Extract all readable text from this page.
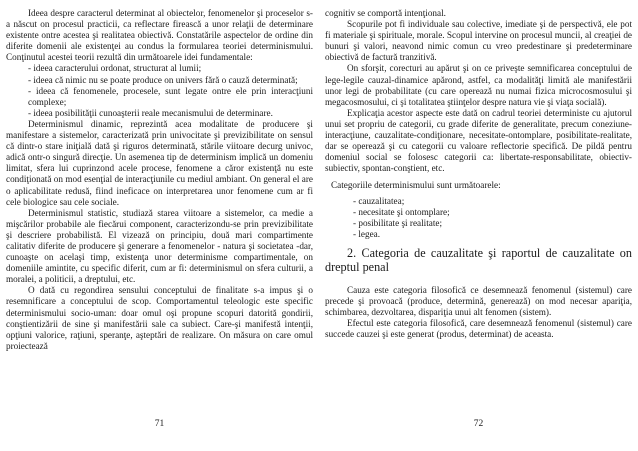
Ideea despre caracterul determinat al obiectelor, fenomenelor şi proceselor s-a născut on procesul practicii, ca reflectare firească a unor relaţii de determinare existente ontre acestea şi realitatea obiectivă. Constatările aspectelor de ordine din diferite domenii ale existenţei au condus la formularea teoriei determinismului. Conţinutul acestei teorii rezultă din următoarele idei fundamentale:

- ideea caracterului ordonat, structurat al lumii;

- ideea că nimic nu se poate produce on univers fără o cauză determinată;

- ideea că fenomenele, procesele, sunt legate ontre ele prin interacţiuni complexe;

- ideea posibilităţii cunoaşterii reale mecanismului de determinare.

Determinismul dinamic, reprezintă acea modalitate de producere şi manifestare a sistemelor, caracterizată prin univocitate şi previzibilitate on sensul că dintr-o stare iniţială dată şi riguros determinată, stările viitoare decurg univoc, adică ontr-o singură direcţie. Un asemenea tip de determinism implică un domeniu limitat, sfera lui cuprinzond acele procese, fenomene a căror existenţă nu este condiţionată on mod esenţial de interacţiunile cu mediul ambiant. On general el are o aplicabilitate redusă, fiind ineficace on interpretarea unor fenomene cum ar fi cele biologice sau cele sociale.

Determinismul statistic, studiază starea viitoare a sistemelor, ca medie a mişcărilor probabile ale fiecărui component, caracterizondu-se prin previzibilitate şi descriere probabilistă. El vizează on principiu, două mari compartimente calitativ diferite de producere şi generare a fenomenelor - natura şi societatea -dar, cunoaşte on acelaşi timp, existenţa unor determinisme compartimentale, on domeniile amintite, cu specific diferit, cum ar fi: determinismul on sfera culturii, a moralei, a politicii, a dreptului, etc.

O dată cu regondirea sensului conceptului de finalitate s-a impus şi o resemnificare a conceptului de scop. Comportamentul teleologic este specific determinismului socio-uman: doar omul oşi propune scopuri datorită gondirii, conştientizării de sine şi manifestării sale ca subiect. Care-şi manifestă intenţii, opţiuni valorice, raţiuni, speranţe, aşteptări de realizare. On măsura on care omul proiectează

71

cognitiv se comportă intenţional.

Scopurile pot fi individuale sau colective, imediate şi de perspectivă, ele pot fi materiale şi spirituale, morale. Scopul intervine on procesul muncii, al creaţiei de bunuri şi valori, neavond nimic comun cu vreo predestinare şi predeterminare obiectivă de factură tranzitivă.

On sforşit, corecturi au apărut şi on ce priveşte semnificarea conceptului de lege-legile cauzal-dinamice apărond, astfel, ca modalităţi limită ale manifestării unor legi de probabilitate (cu care operează nu numai fizica microcosmosului şi megacosmosului, ci şi totalitatea ştiinţelor despre natura vie şi viaţa socială).

Explicaţia acestor aspecte este dată on cadrul teoriei deterministe cu ajutorul unui set propriu de categorii, cu grade diferite de generalitate, precum coneziune-interacţiune, cauzalitate-condiţionare, necesitate-ontomplare, posibilitate-realitate, dar se operează şi cu categorii cu valoare reflectorie specifică. De pildă pentru domeniul social se folosesc categorii ca: libertate-responsabilitate, obiectiv-subiectiv, spontan-conştient, etc.

Categoriile determinismului sunt următoarele:

- cauzalitatea;

- necesitate şi ontomplare;

- posibilitate şi realitate;

- legea.

2. Categoria de cauzalitate şi raportul de cauzalitate on dreptul penal

Cauza este categoria filosofică ce desemnează fenomenul (sistemul) care precede şi provoacă (produce, determină, generează) on mod necesar apariţia, schimbarea, dezvoltarea, dispariţia unui alt fenomen (sistem).

Efectul este categoria filosofică, care desemnează fenomenul (sistemul) care succede cauzei şi este generat (produs, determinat) de aceasta.

72
